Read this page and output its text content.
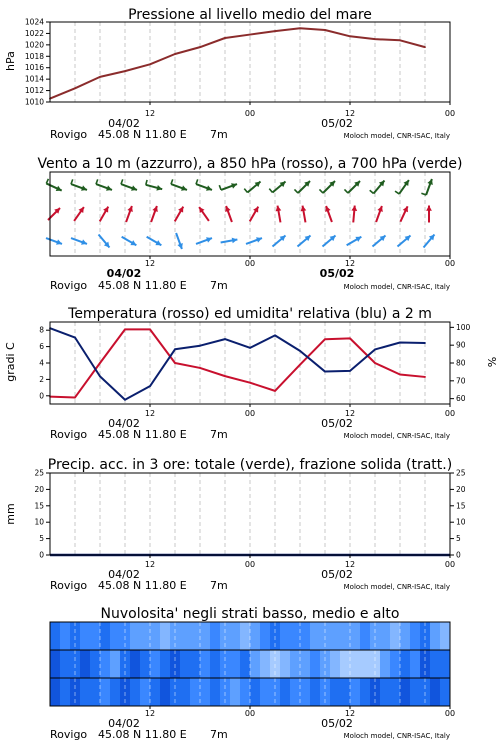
Pressione al livello medio del mare
hPa
1010
1012
1014
1016
1018
1020
1022
1024
12	00	12	00
04/02	05/02
Rovigo 45.08 N 11.80 E 7m	Moloch model, CNR-ISAC, Italy
Vento a 10 m (azzurro), a 850 hPa (rosso), a 700 hPa (verde)
12	00	12	00
04/02	05/02
Rovigo 45.08 N 11.80 E 7m	Moloch model, CNR-ISAC, Italy
Temperatura (rosso) ed umidita' relativa (blu) a 2 m
gradi C	%
0
2
4
6
8
60
70
80
90
100
12	00	12	00
04/02	05/02
Rovigo 45.08 N 11.80 E 7m	Moloch model, CNR-ISAC, Italy
Precip. acc. in 3 ore: totale (verde), frazione solida (tratt.)
mm
0
5
10
15
20
25
0
5
10
15
20
25
12	00	12	00
04/02	05/02
Rovigo 45.08 N 11.80 E 7m	Moloch model, CNR-ISAC, Italy
Nuvolosita' negli strati basso, medio e alto
12	00	12	00
04/02	05/02
Rovigo 45.08 N 11.80 E 7m	Moloch model, CNR-ISAC, Italy
